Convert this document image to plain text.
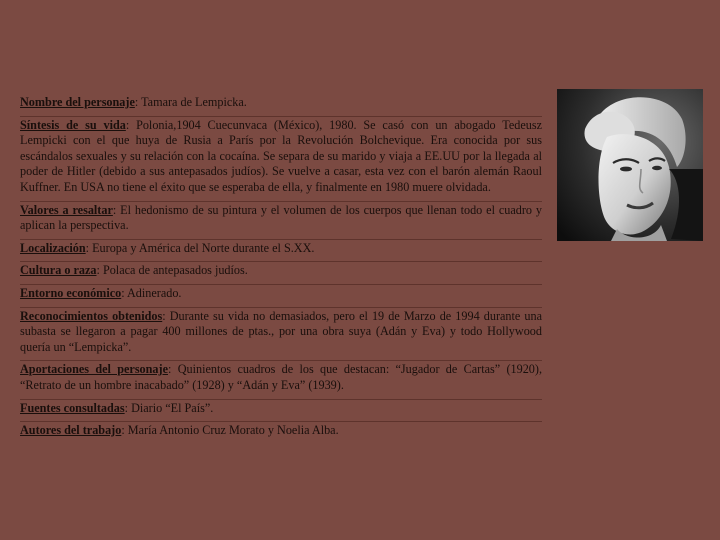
Nombre del personaje: Tamara de Lempicka.

Síntesis de su vida: Polonia,1904 Cuecunvaca (México), 1980. Se casó con un abogado Tedeusz Lempicki con el que huya de Rusia a París por la Revolución Bolchevique. Era conocida por sus escándalos sexuales y su relación con la cocaína. Se separa de su marido y viaja a EE.UU por la llegada al poder de Hitler (debido a sus antepasados judíos). Se vuelve a casar, esta vez con el barón alemán Raoul Kuffner. En USA no tiene el éxito que se esperaba de ella, y finalmente en 1980 muere olvidada.

Valores a resaltar: El hedonismo de su pintura y el volumen de los cuerpos que llenan todo el cuadro y aplican la perspectiva.

Localización: Europa y América del Norte durante el S.XX.

Cultura o raza: Polaca de antepasados judíos.

Entorno económico: Adinerado.

Reconocimientos obtenidos: Durante su vida no demasiados, pero el 19 de Marzo de 1994 durante una subasta se llegaron a pagar 400 millones de ptas., por una obra suya (Adán y Eva) y todo Hollywood quería un “Lempicka”.

Aportaciones del personaje: Quinientos cuadros de los que destacan: “Jugador de Cartas” (1920), “Retrato de un hombre inacabado” (1928) y “Adán y Eva” (1939).

Fuentes consultadas: Diario “El País”.

Autores del trabajo: María Antonio Cruz Morato y Noelia Alba.
